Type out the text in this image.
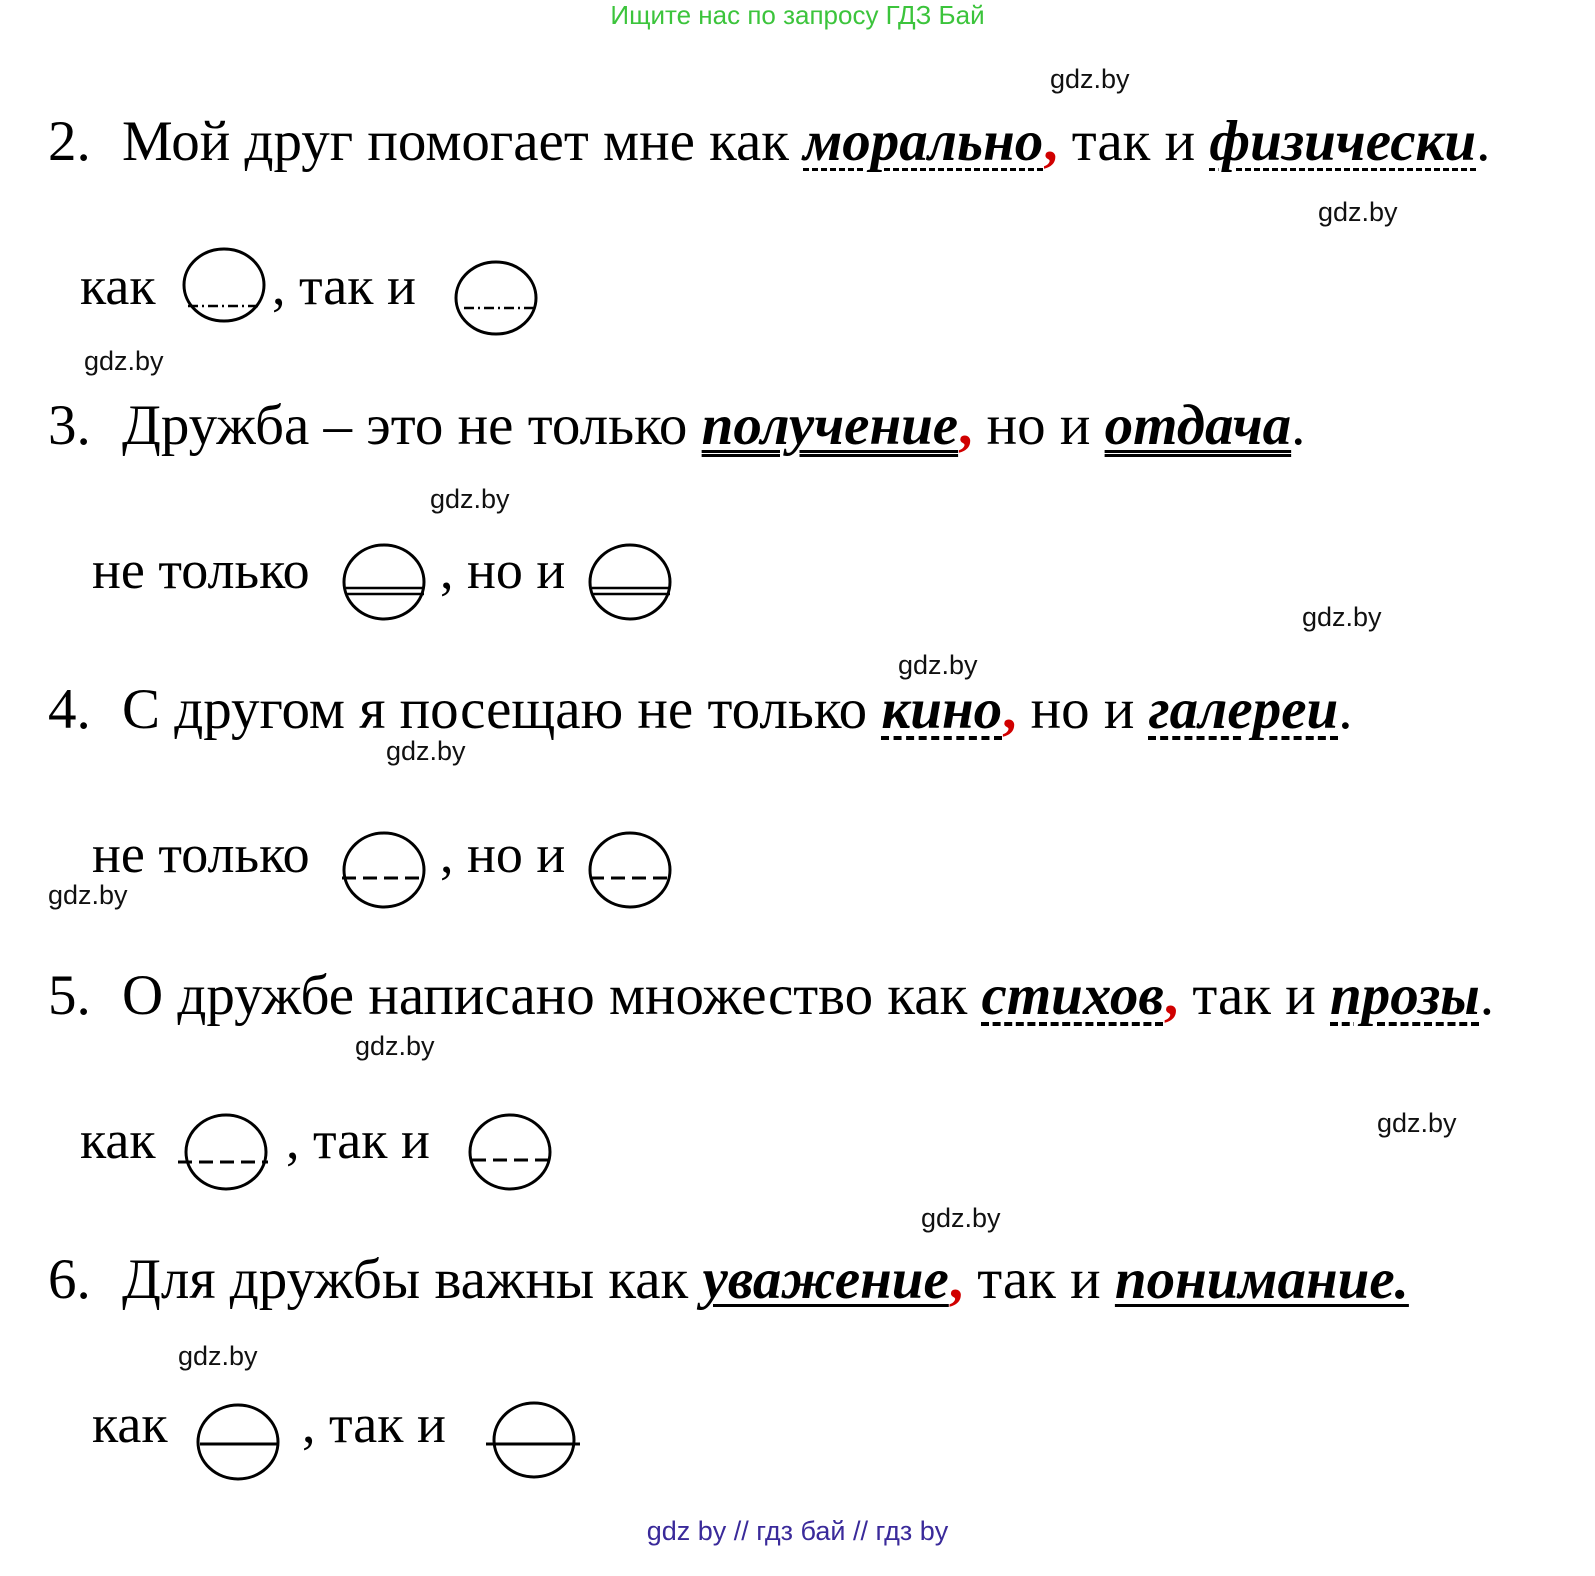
Ищите нас по запросу ГДЗ Бай
gdz.by
gdz.by
gdz.by
gdz.by
gdz.by
gdz.by
gdz.by
gdz.by
gdz.by
gdz.by
gdz.by
gdz.by
2. Мой друг помогает мне как морально, так и физически.
как , так и
3. Дружба – это не только получение, но и отдача.
не только , но и
4. С другом я посещаю не только кино, но и галереи.
не только , но и
5. О дружбе написано множество как стихов, так и прозы.
как , так и
6. Для дружбы важны как уважение, так и понимание.
как , так и
gdz by // гдз бай // гдз by
